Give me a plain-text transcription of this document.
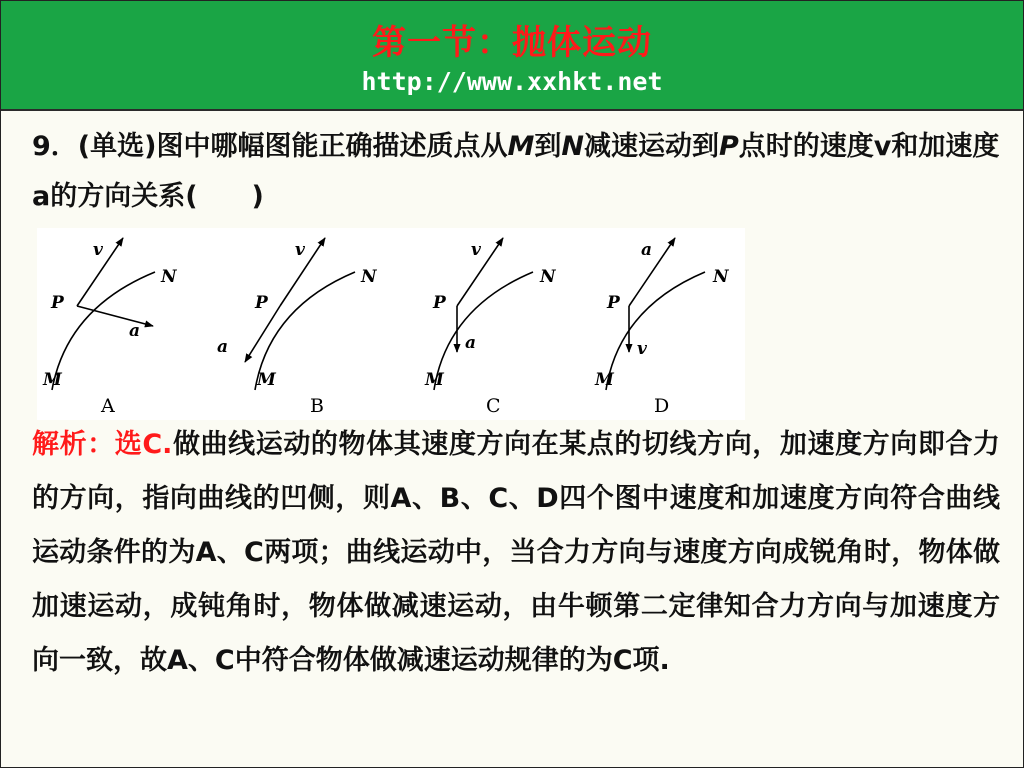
第一节：抛体运动
http://www.xxhkt.net
9．(单选)图中哪幅图能正确描述质点从M到N减速运动到P点时的速度v和加速度a的方向关系(　　)
v
N
P
a
M
A
v
N
P
a
M
B
v
N
P
a
M
C
a
N
P
v
M
D
解析：选C.做曲线运动的物体其速度方向在某点的切线方向，加速度方向即合力的方向，指向曲线的凹侧，则A、B、C、D四个图中速度和加速度方向符合曲线运动条件的为A、C两项；曲线运动中，当合力方向与速度方向成锐角时，物体做加速运动，成钝角时，物体做减速运动，由牛顿第二定律知合力方向与加速度方向一致，故A、C中符合物体做减速运动规律的为C项.
